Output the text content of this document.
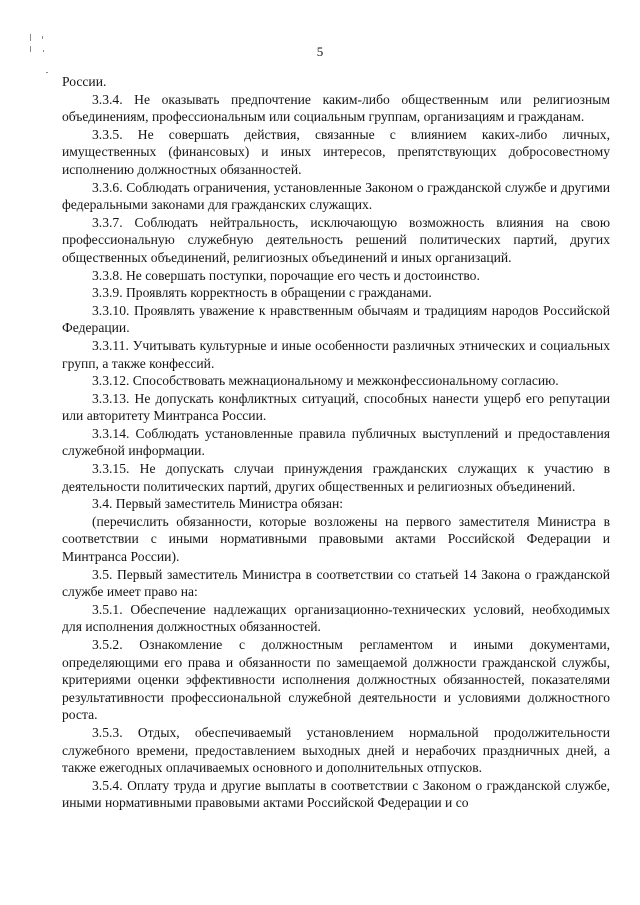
5

России.

3.3.4. Не оказывать предпочтение каким-либо общественным или религиозным объединениям, профессиональным или социальным группам, организациям и гражданам.

3.3.5. Не совершать действия, связанные с влиянием каких-либо личных, имущественных (финансовых) и иных интересов, препятствующих добросовестному исполнению должностных обязанностей.

3.3.6. Соблюдать ограничения, установленные Законом о гражданской службе и другими федеральными законами для гражданских служащих.

3.3.7. Соблюдать нейтральность, исключающую возможность влияния на свою профессиональную служебную деятельность решений политических партий, других общественных объединений, религиозных объединений и иных организаций.

3.3.8. Не совершать поступки, порочащие его честь и достоинство.

3.3.9. Проявлять корректность в обращении с гражданами.

3.3.10. Проявлять уважение к нравственным обычаям и традициям народов Российской Федерации.

3.3.11. Учитывать культурные и иные особенности различных этнических и социальных групп, а также конфессий.

3.3.12. Способствовать межнациональному и межконфессиональному согласию.

3.3.13. Не допускать конфликтных ситуаций, способных нанести ущерб его репутации или авторитету Минтранса России.

3.3.14. Соблюдать установленные правила публичных выступлений и предоставления служебной информации.

3.3.15. Не допускать случаи принуждения гражданских служащих к участию в деятельности политических партий, других общественных и религиозных объединений.

3.4. Первый заместитель Министра обязан:

(перечислить обязанности, которые возложены на первого заместителя Министра в соответствии с иными нормативными правовыми актами Российской Федерации и Минтранса России).

3.5. Первый заместитель Министра в соответствии со статьей 14 Закона о гражданской службе имеет право на:

3.5.1. Обеспечение надлежащих организационно-технических условий, необходимых для исполнения должностных обязанностей.

3.5.2. Ознакомление с должностным регламентом и иными документами, определяющими его права и обязанности по замещаемой должности гражданской службы, критериями оценки эффективности исполнения должностных обязанностей, показателями результативности профессиональной служебной деятельности и условиями должностного роста.

3.5.3. Отдых, обеспечиваемый установлением нормальной продолжительности служебного времени, предоставлением выходных дней и нерабочих праздничных дней, а также ежегодных оплачиваемых основного и дополнительных отпусков.

3.5.4. Оплату труда и другие выплаты в соответствии с Законом о гражданской службе, иными нормативными правовыми актами Российской Федерации и со
